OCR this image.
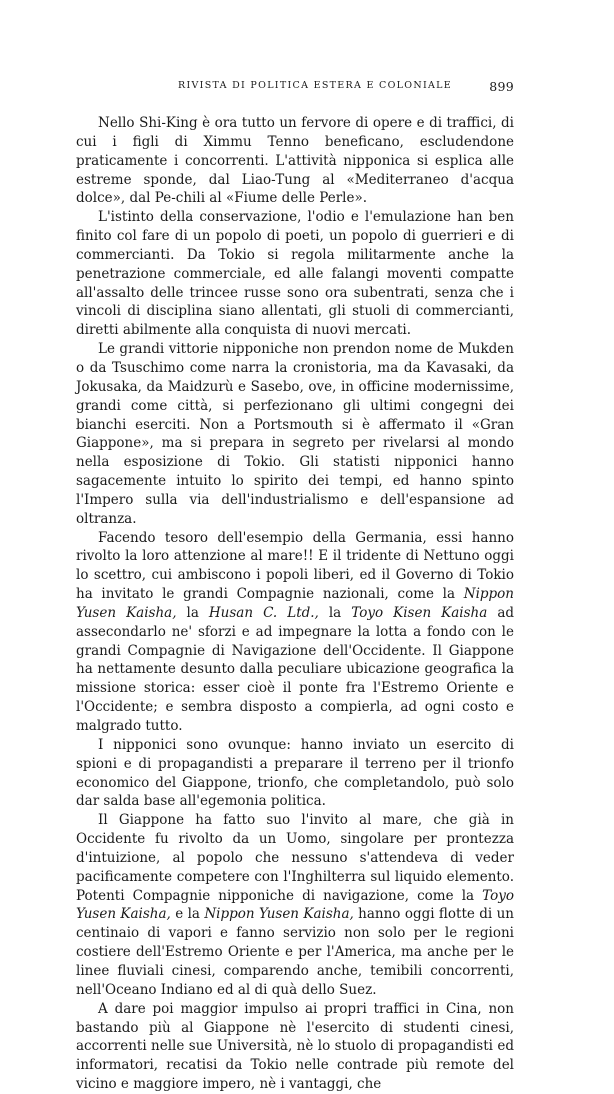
RIVISTA DI POLITICA ESTERA E COLONIALE	899

Nello Shi-King è ora tutto un fervore di opere e di traffici, di cui i figli di Ximmu Tenno beneficano, escludendone praticamente i concorrenti. L'attività nipponica si esplica alle estreme sponde, dal Liao-Tung al «Mediterraneo d'acqua dolce», dal Pe-chili al «Fiume delle Perle».

L'istinto della conservazione, l'odio e l'emulazione han ben finito col fare di un popolo di poeti, un popolo di guerrieri e di commercianti. Da Tokio si regola militarmente anche la penetrazione commerciale, ed alle falangi moventi compatte all'assalto delle trincee russe sono ora subentrati, senza che i vincoli di disciplina siano allentati, gli stuoli di commercianti, diretti abilmente alla conquista di nuovi mercati.

Le grandi vittorie nipponiche non prendon nome de Mukden o da Tsuschimo come narra la cronistoria, ma da Kavasaki, da Jokusaka, da Maidzurù e Sasebo, ove, in officine modernissime, grandi come città, si perfezionano gli ultimi congegni dei bianchi eserciti. Non a Portsmouth si è affermato il «Gran Giappone», ma si prepara in segreto per rivelarsi al mondo nella esposizione di Tokio. Gli statisti nipponici hanno sagacemente intuito lo spirito dei tempi, ed hanno spinto l'Impero sulla via dell'industrialismo e dell'espansione ad oltranza.

Facendo tesoro dell'esempio della Germania, essi hanno rivolto la loro attenzione al mare!! E il tridente di Nettuno oggi lo scettro, cui ambiscono i popoli liberi, ed il Governo di Tokio ha invitato le grandi Compagnie nazionali, come la Nippon Yusen Kaisha, la Husan C. Ltd., la Toyo Kisen Kaisha ad assecondarlo ne' sforzi e ad impegnare la lotta a fondo con le grandi Compagnie di Navigazione dell'Occidente. Il Giappone ha nettamente desunto dalla peculiare ubicazione geografica la missione storica: esser cioè il ponte fra l'Estremo Oriente e l'Occidente; e sembra disposto a compierla, ad ogni costo e malgrado tutto.

I nipponici sono ovunque: hanno inviato un esercito di spioni e di propagandisti a preparare il terreno per il trionfo economico del Giappone, trionfo, che completandolo, può solo dar salda base all'egemonia politica.

Il Giappone ha fatto suo l'invito al mare, che già in Occidente fu rivolto da un Uomo, singolare per prontezza d'intuizione, al popolo che nessuno s'attendeva di veder pacificamente competere con l'Inghilterra sul liquido elemento. Potenti Compagnie nipponiche di navigazione, come la Toyo Yusen Kaisha, e la Nippon Yusen Kaisha, hanno oggi flotte di un centinaio di vapori e fanno servizio non solo per le regioni costiere dell'Estremo Oriente e per l'America, ma anche per le linee fluviali cinesi, comparendo anche, temibili concorrenti, nell'Oceano Indiano ed al di quà dello Suez.

A dare poi maggior impulso ai propri traffici in Cina, non bastando più al Giappone nè l'esercito di studenti cinesi, accorrenti nelle sue Università, nè lo stuolo di propagandisti ed informatori, recatisi da Tokio nelle contrade più remote del vicino e maggiore impero, nè i vantaggi, che
